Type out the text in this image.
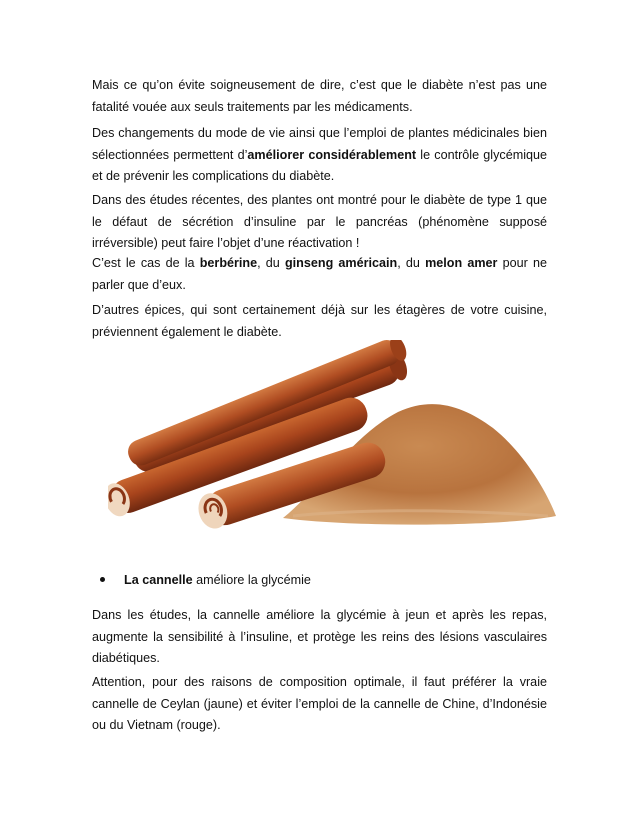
Mais ce qu’on évite soigneusement de dire, c’est que le diabète n’est pas une fatalité vouée aux seuls traitements par les médicaments.

Des changements du mode de vie ainsi que l’emploi de plantes médicinales bien sélectionnées permettent d’améliorer considérablement le contrôle glycémique et de prévenir les complications du diabète.

Dans des études récentes, des plantes ont montré pour le diabète de type 1 que le défaut de sécrétion d’insuline par le pancréas (phénomène supposé irréversible) peut faire l’objet d’une réactivation !

C’est le cas de la berbérine, du ginseng américain, du melon amer pour ne parler que d’eux.

D’autres épices, qui sont certainement déjà sur les étagères de votre cuisine, préviennent également le diabète.

La cannelle améliore la glycémie

Dans les études, la cannelle améliore la glycémie à jeun et après les repas, augmente la sensibilité à l’insuline, et protège les reins des lésions vasculaires diabétiques.

Attention, pour des raisons de composition optimale, il faut préférer la vraie cannelle de Ceylan (jaune) et éviter l’emploi de la cannelle de Chine, d’Indonésie ou du Vietnam (rouge).
